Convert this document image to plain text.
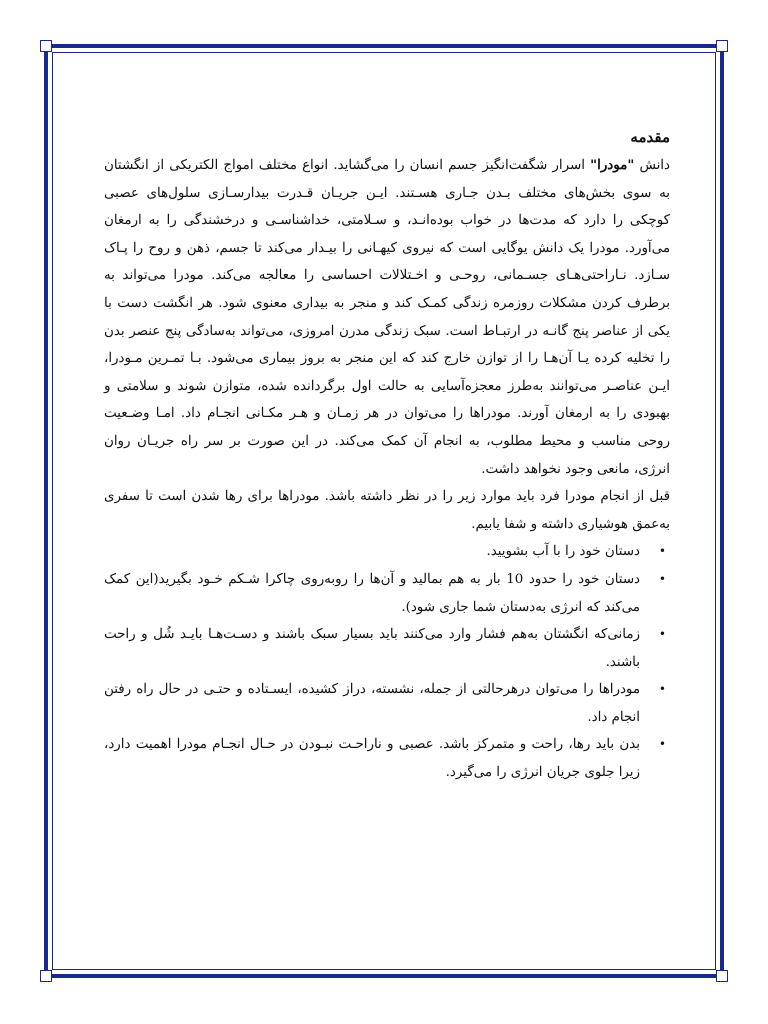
مقدمه

دانش "مودرا" اسرار شگفت‌انگیز جسم انسان را می‌گشاید. انواع مختلف امواج الکتریکی از انگشتان به سوی بخش‌های مختلف بـدن جـاری هسـتند. ایـن جریـان قـدرت بیدارسـازی سلول‌های عصبی کوچکی را دارد که مدت‌ها در خواب بوده‌انـد، و سـلامتی، خداشناسـی و درخشندگی را به ارمغان می‌آورد. مودرا یک دانش یوگایی است که نیروی کیهـانی را بیـدار می‌کند تا جسم، ذهن و روح را پـاک سـازد. نـاراحتی‌هـای جسـمانی، روحـی و اخـتلالات احساسی را معالجه می‌کند. مودرا می‌تواند به برطرف کردن مشکلات روزمره زندگی کمـک کند و منجر به بیداری معنوی شود. هر انگشت دست با یکی از عناصر پنج گانـه در ارتبـاط است. سبک زندگی مدرن امروزی، می‌تواند به‌سادگی پنج عنصر بدن را تخلیه کرده یـا آن‌هـا را از توازن خارج کند که این منجر به بروز بیماری می‌شود. بـا تمـرین مـودرا، ایـن عناصـر می‌توانند به‌طرز معجزه‌آسایی به حالت اول برگردانده شده، متوازن شوند و سلامتی و بهبودی را به ارمغان آورند. مودراها را می‌توان در هر زمـان و هـر مکـانی انجـام داد. امـا وضـعیت روحی مناسب و محیط مطلوب، به انجام آن کمک می‌کند. در این صورت بر سر راه جریـان روان انرژی، مانعی وجود نخواهد داشت.

قبل از انجام مودرا فرد باید موارد زیر را در نظر داشته باشد. مودراها برای رها شدن است تا سفری به‌عمق هوشیاری داشته و شفا یابیم.

•
دستان خود را با آب بشویید.
•
دستان خود را حدود 10 بار به هم بمالید و آن‌ها را روبه‌روی چاکرا شـکم خـود بگیرید(این کمک می‌کند که انرژی به‌دستان شما جاری شود).
•
زمانی‌که انگشتان به‌هم فشار وارد می‌کنند باید بسیار سبک باشند و دسـت‌هـا بایـد شُل و راحت باشند.
•
مودراها را می‌توان درهرحالتی از جمله، نشسته، دراز کشیده، ایسـتاده و حتـی در حال راه رفتن انجام داد.
•
بدن باید رها، راحت و متمرکز باشد. عصبی و ناراحـت نبـودن در حـال انجـام مودرا اهمیت دارد، زیرا جلوی جریان انرژی را می‌گیرد.
